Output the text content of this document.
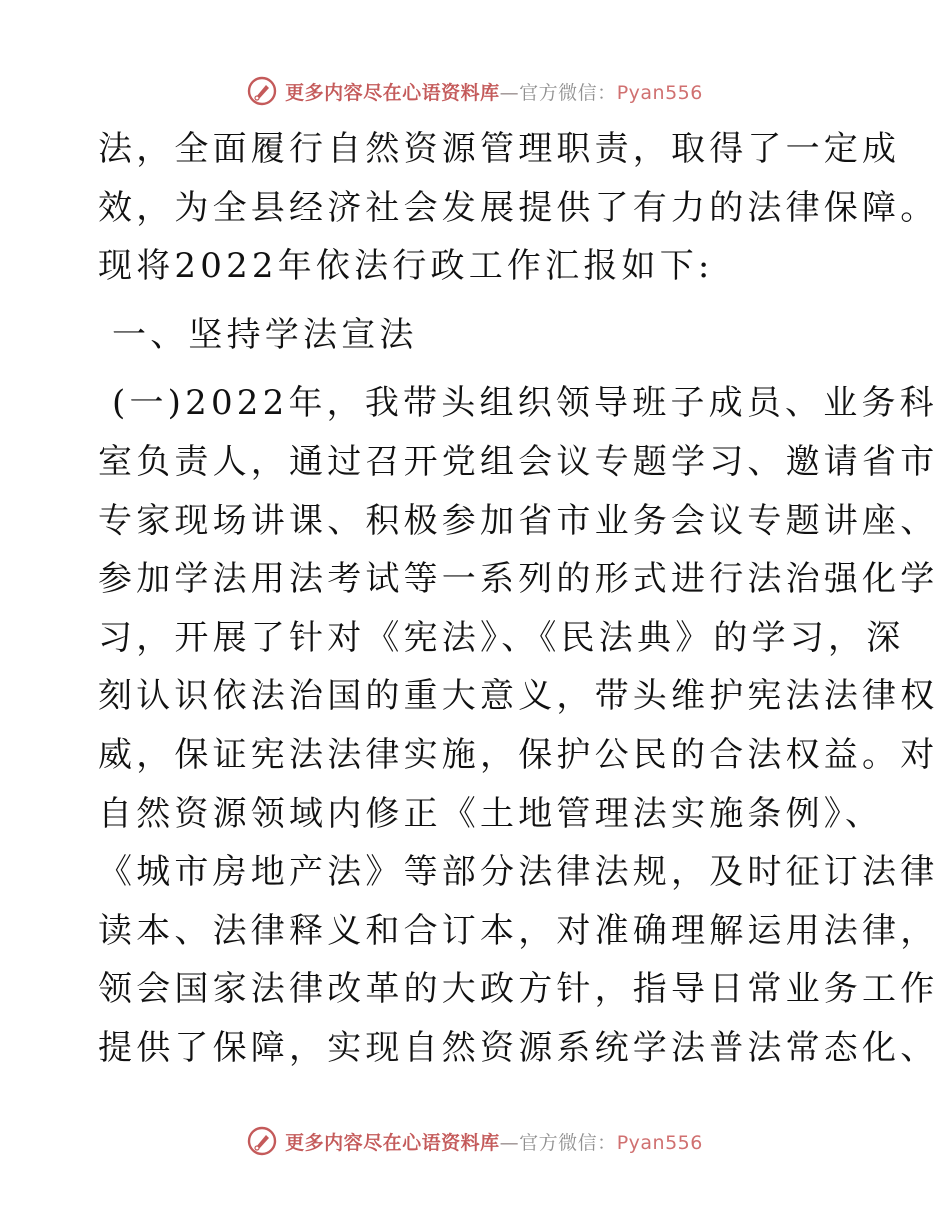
更多内容尽在心语资料库—官方微信：Pyan556
法，全面履行自然资源管理职责，取得了一定成
效，为全县经济社会发展提供了有力的法律保障。
现将2022年依法行政工作汇报如下:
一、坚持学法宣法
(一)2022年，我带头组织领导班子成员、业务科
室负责人，通过召开党组会议专题学习、邀请省市
专家现场讲课、积极参加省市业务会议专题讲座、
参加学法用法考试等一系列的形式进行法治强化学
习，开展了针对《宪法》、《民法典》的学习，深
刻认识依法治国的重大意义，带头维护宪法法律权
威，保证宪法法律实施，保护公民的合法权益。对
自然资源领域内修正《土地管理法实施条例》、
《城市房地产法》等部分法律法规，及时征订法律
读本、法律释义和合订本，对准确理解运用法律，
领会国家法律改革的大政方针，指导日常业务工作
提供了保障，实现自然资源系统学法普法常态化、
更多内容尽在心语资料库—官方微信：Pyan556
